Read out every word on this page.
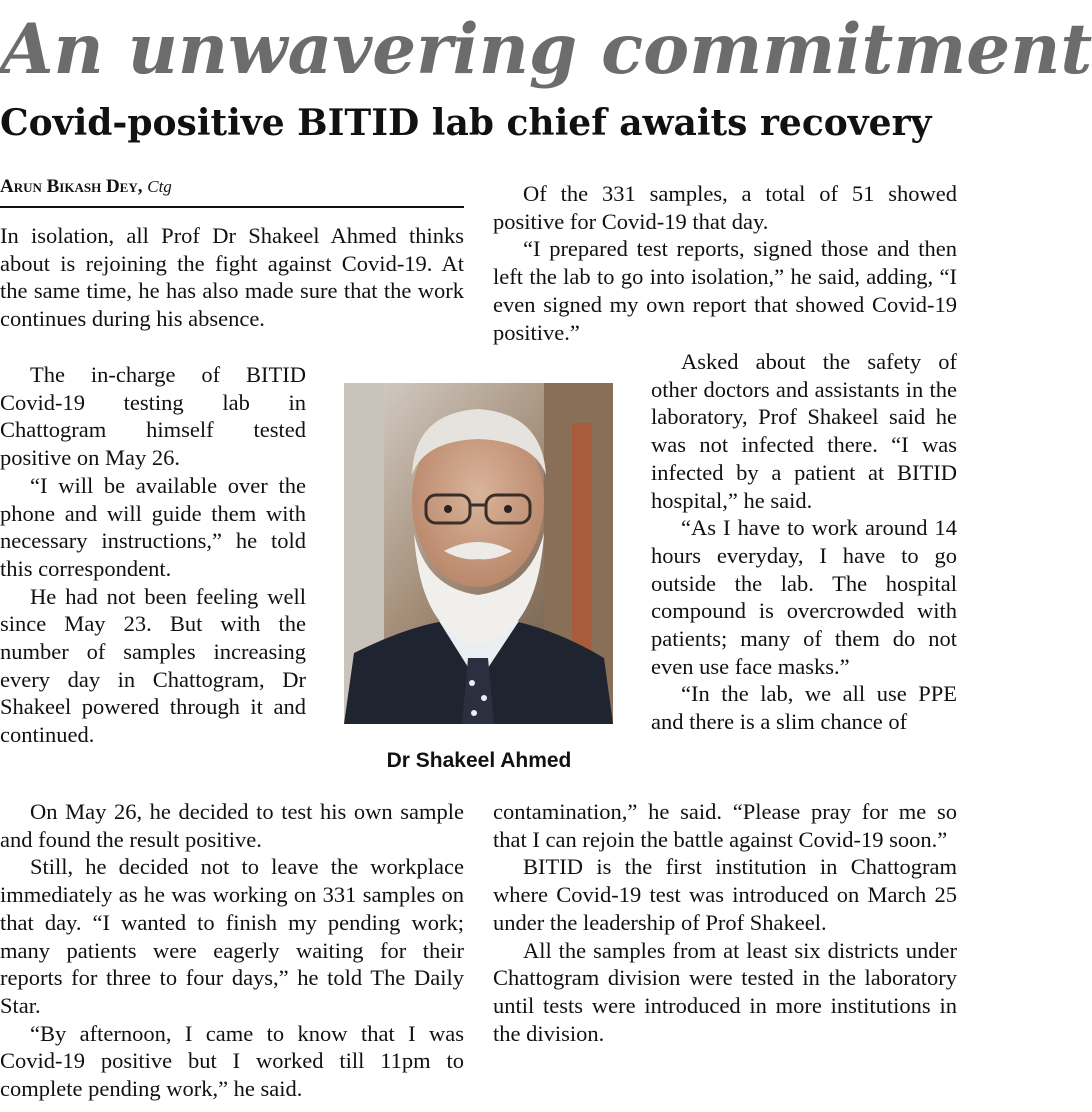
An unwavering commitment
Covid-positive BITID lab chief awaits recovery
Arun Bikash Dey, Ctg

In isolation, all Prof Dr Shakeel Ahmed thinks about is rejoining the fight against Covid-19. At the same time, he has also made sure that the work continues during his absence.

The in-charge of BITID Covid-19 testing lab in Chattogram himself tested positive on May 26.

“I will be available over the phone and will guide them with necessary instructions,” he told this correspondent.

He had not been feeling well since May 23. But with the number of samples increasing every day in Chattogram, Dr Shakeel powered through it and continued.

On May 26, he decided to test his own sample and found the result positive.

Still, he decided not to leave the workplace immediately as he was working on 331 samples on that day. “I wanted to finish my pending work; many patients were eagerly waiting for their reports for three to four days,” he told The Daily Star.

“By afternoon, I came to know that I was Covid-19 positive but I worked till 11pm to complete pending work,” he said.

Dr Shakeel Ahmed

Of the 331 samples, a total of 51 showed positive for Covid-19 that day.

“I prepared test reports, signed those and then left the lab to go into isolation,” he said, adding, “I even signed my own report that showed Covid-19 positive.”

Asked about the safety of other doctors and assistants in the laboratory, Prof Shakeel said he was not infected there. “I was infected by a patient at BITID hospital,” he said.

“As I have to work around 14 hours everyday, I have to go outside the lab. The hospital compound is overcrowded with patients; many of them do not even use face masks.”

“In the lab, we all use PPE and there is a slim chance of

contamination,” he said. “Please pray for me so that I can rejoin the battle against Covid-19 soon.”

BITID is the first institution in Chattogram where Covid-19 test was introduced on March 25 under the leadership of Prof Shakeel.

All the samples from at least six districts under Chattogram division were tested in the laboratory until tests were introduced in more institutions in the division.
